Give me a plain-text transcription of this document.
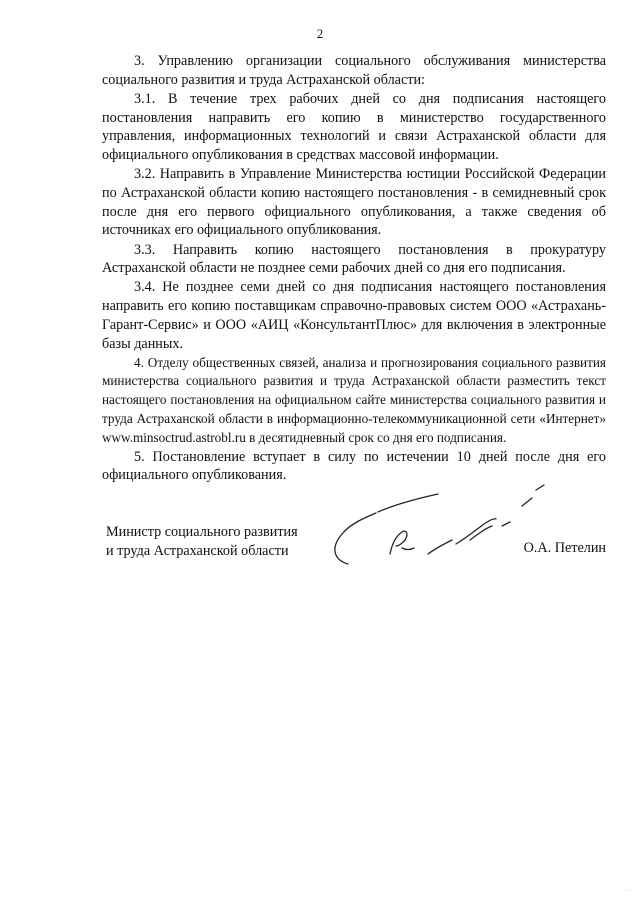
2

3. Управлению организации социального обслуживания министерства социального развития и труда Астраханской области:

3.1. В течение трех рабочих дней со дня подписания настоящего постановления направить его копию в министерство государственного управления, информационных технологий и связи Астраханской области для официального опубликования в средствах массовой информации.

3.2. Направить в Управление Министерства юстиции Российской Федерации по Астраханской области копию настоящего постановления - в семидневный срок после дня его первого официального опубликования, а также сведения об источниках его официального опубликования.

3.3. Направить копию настоящего постановления в прокуратуру Астраханской области не позднее семи рабочих дней со дня его подписания.

3.4. Не позднее семи дней со дня подписания настоящего постановления направить его копию поставщикам справочно-правовых систем ООО «Астрахань-Гарант-Сервис» и ООО «АИЦ «КонсультантПлюс» для включения в электронные базы данных.

4. Отделу общественных связей, анализа и прогнозирования социального развития министерства социального развития и труда Астраханской области разместить текст настоящего постановления на официальном сайте министерства социального развития и труда Астраханской области в информационно-телекоммуникационной сети «Интернет» www.minsoctrud.astrobl.ru в десятидневный срок со дня его подписания.

5. Постановление вступает в силу по истечении 10 дней после дня его официального опубликования.

Министр социального развития
и труда Астраханской области	О.А. Петелин
· · · · · · · ·
